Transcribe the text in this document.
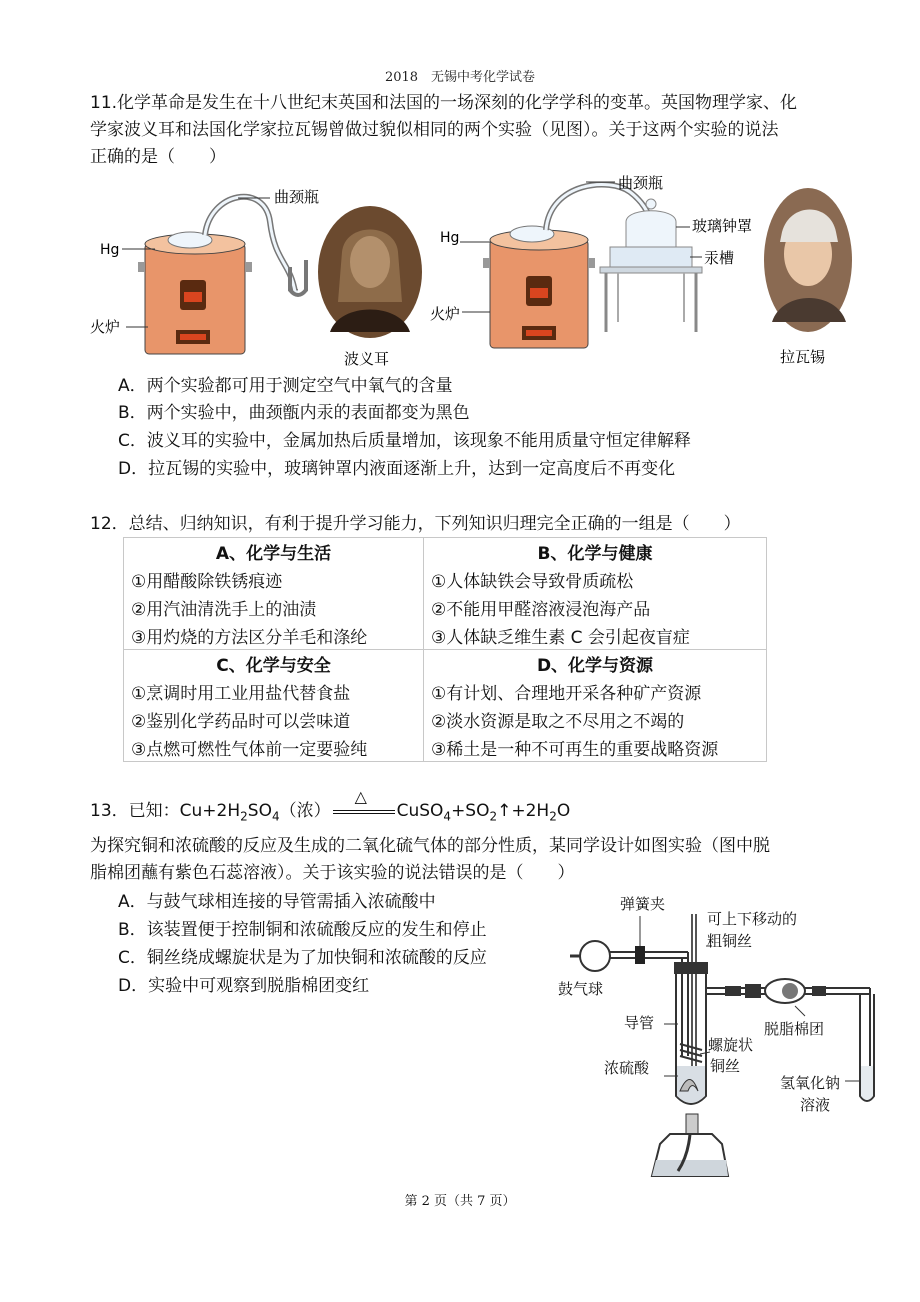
2018　无锡中考化学试卷
11.化学革命是发生在十八世纪末英国和法国的一场深刻的化学学科的变革。英国物理学家、化
学家波义耳和法国化学家拉瓦锡曾做过貌似相同的两个实验（见图）。关于这两个实验的说法
正确的是（　　）
曲颈瓶
Hg
火炉
波义耳
曲颈瓶
Hg
火炉
玻璃钟罩
汞槽
拉瓦锡
A．两个实验都可用于测定空气中氧气的含量
B．两个实验中，曲颈甑内汞的表面都变为黑色
C．波义耳的实验中，金属加热后质量增加，该现象不能用质量守恒定律解释
D．拉瓦锡的实验中，玻璃钟罩内液面逐渐上升，达到一定高度后不再变化
12．总结、归纳知识，有利于提升学习能力，下列知识归理完全正确的一组是（　　）
A、化学与生活	B、化学与健康
①用醋酸除铁锈痕迹	①人体缺铁会导致骨质疏松
②用汽油清洗手上的油渍	②不能用甲醛溶液浸泡海产品
③用灼烧的方法区分羊毛和涤纶	③人体缺乏维生素 C 会引起夜盲症
C、化学与安全	D、化学与资源
①烹调时用工业用盐代替食盐	①有计划、合理地开采各种矿产资源
②鉴别化学药品时可以尝味道	②淡水资源是取之不尽用之不竭的
③点燃可燃性气体前一定要验纯	③稀土是一种不可再生的重要战略资源
13．已知：$Cu+2H_2SO_4$（浓）
△
$CuSO_4+SO_2↑+2H_2O$
为探究铜和浓硫酸的反应及生成的二氧化硫气体的部分性质，某同学设计如图实验（图中脱
脂棉团蘸有紫色石蕊溶液）。关于该实验的说法错误的是（　　）
A．与鼓气球相连接的导管需插入浓硫酸中
B．该装置便于控制铜和浓硫酸反应的发生和停止
C．铜丝绕成螺旋状是为了加快铜和浓硫酸的反应
D．实验中可观察到脱脂棉团变红
弹簧夹
可上下移动的
粗铜丝
鼓气球
导管	脱脂棉团
螺旋状
铜丝
浓硫酸
氢氧化钠
溶液
第 2 页（共 7 页）
